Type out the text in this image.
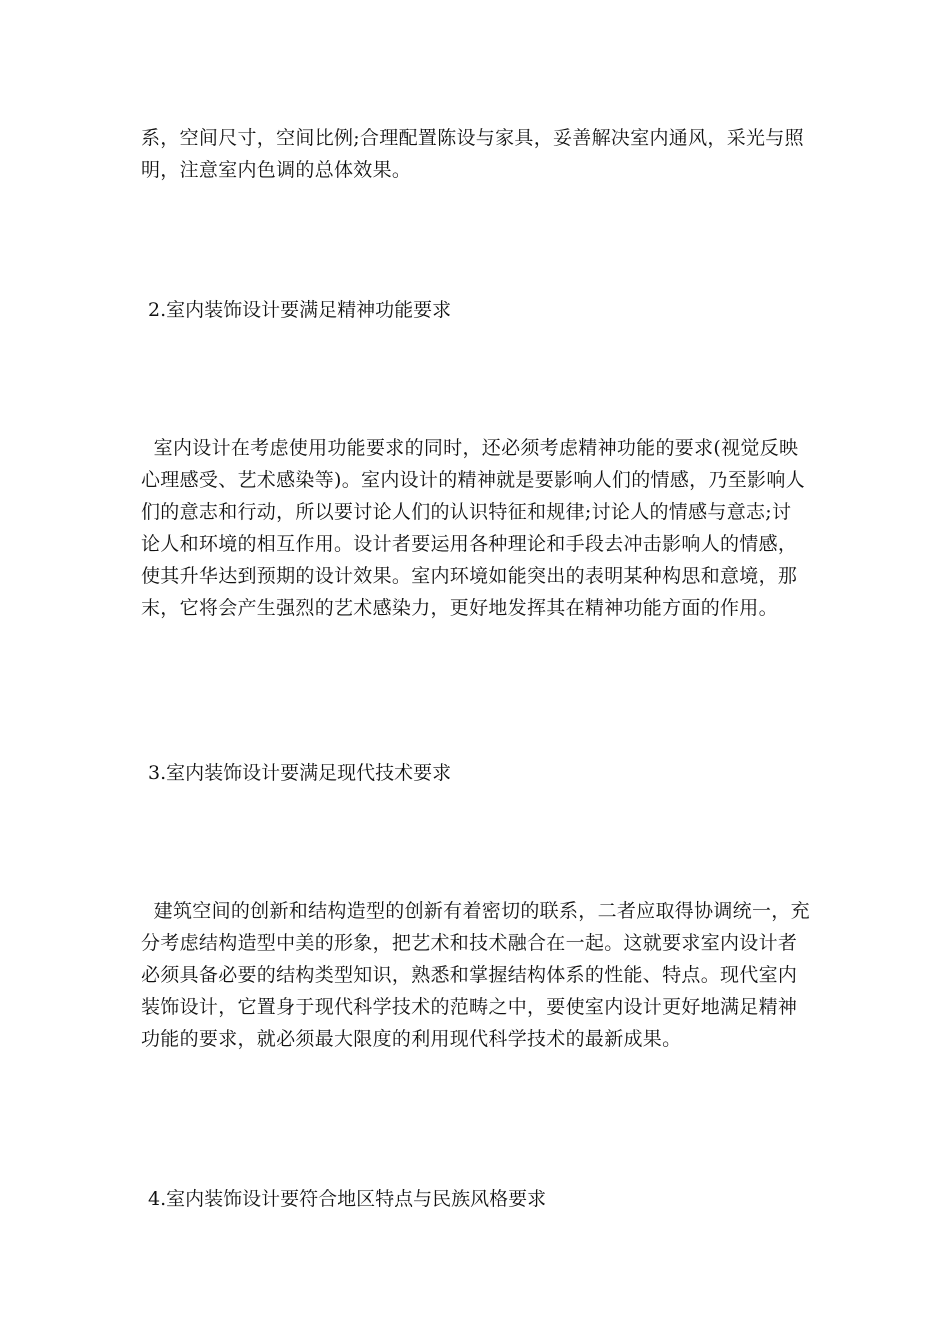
系，空间尺寸，空间比例;合理配置陈设与家具，妥善解决室内通风，采光与照
明，注意室内色调的总体效果。

2.室内装饰设计要满足精神功能要求

室内设计在考虑使用功能要求的同时，还必须考虑精神功能的要求(视觉反映
心理感受、艺术感染等)。室内设计的精神就是要影响人们的情感，乃至影响人
们的意志和行动，所以要讨论人们的认识特征和规律;讨论人的情感与意志;讨
论人和环境的相互作用。设计者要运用各种理论和手段去冲击影响人的情感，
使其升华达到预期的设计效果。室内环境如能突出的表明某种构思和意境，那
末，它将会产生强烈的艺术感染力，更好地发挥其在精神功能方面的作用。

3.室内装饰设计要满足现代技术要求

建筑空间的创新和结构造型的创新有着密切的联系，二者应取得协调统一，充
分考虑结构造型中美的形象，把艺术和技术融合在一起。这就要求室内设计者
必须具备必要的结构类型知识，熟悉和掌握结构体系的性能、特点。现代室内
装饰设计，它置身于现代科学技术的范畴之中，要使室内设计更好地满足精神
功能的要求，就必须最大限度的利用现代科学技术的最新成果。

4.室内装饰设计要符合地区特点与民族风格要求
